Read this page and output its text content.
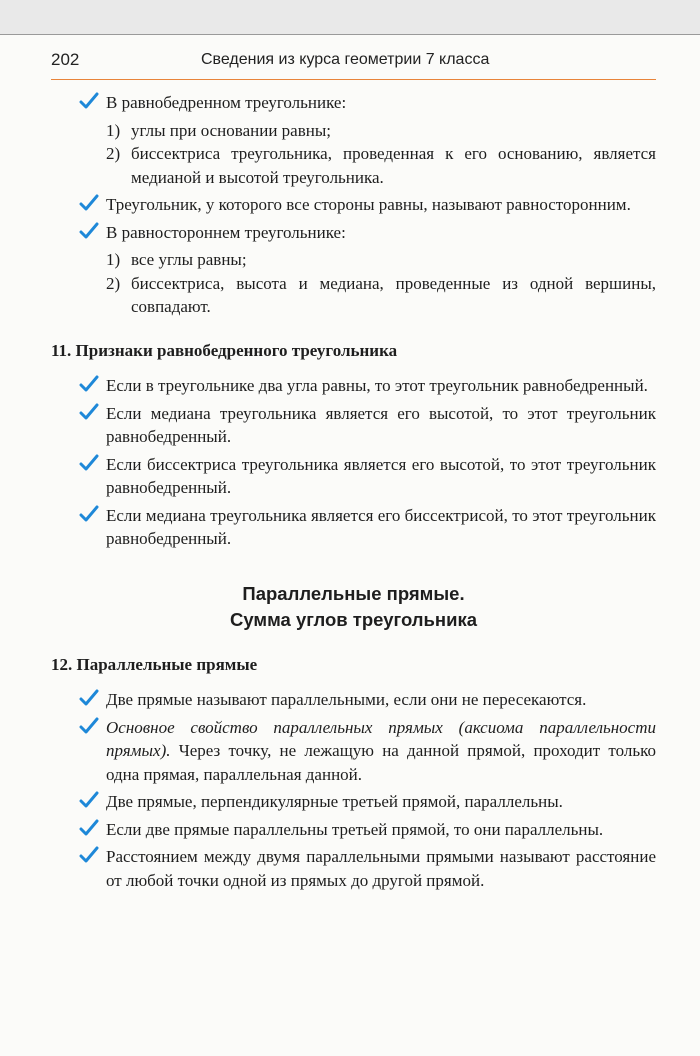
202	Сведения из курса геометрии 7 класса
В равнобедренном треугольнике:
1) углы при основании равны;
2) биссектриса треугольника, проведенная к его основанию, является медианой и высотой треугольника.
Треугольник, у которого все стороны равны, называют равносторонним.
В равностороннем треугольнике:
1) все углы равны;
2) биссектриса, высота и медиана, проведенные из одной вершины, совпадают.
11. Признаки равнобедренного треугольника
Если в треугольнике два угла равны, то этот треугольник равнобедренный.
Если медиана треугольника является его высотой, то этот треугольник равнобедренный.
Если биссектриса треугольника является его высотой, то этот треугольник равнобедренный.
Если медиана треугольника является его биссектрисой, то этот треугольник равнобедренный.
Параллельные прямые.
Сумма углов треугольника
12. Параллельные прямые
Две прямые называют параллельными, если они не пересекаются.
Основное свойство параллельных прямых (аксиома параллельности прямых). Через точку, не лежащую на данной прямой, проходит только одна прямая, параллельная данной.
Две прямые, перпендикулярные третьей прямой, параллельны.
Если две прямые параллельны третьей прямой, то они параллельны.
Расстоянием между двумя параллельными прямыми называют расстояние от любой точки одной из прямых до другой прямой.
